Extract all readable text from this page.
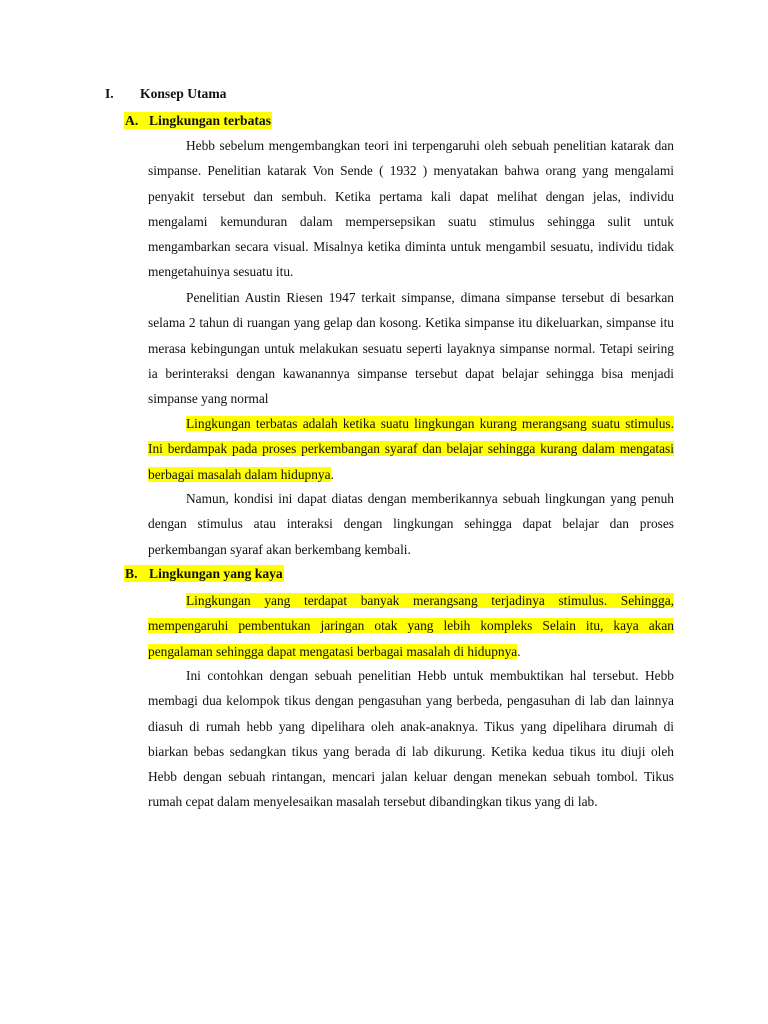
I. Konsep Utama
A. Lingkungan terbatas

Hebb sebelum mengembangkan teori ini terpengaruhi oleh sebuah penelitian katarak dan simpanse. Penelitian katarak Von Sende ( 1932 ) menyatakan bahwa orang yang mengalami penyakit tersebut dan sembuh. Ketika pertama kali dapat melihat dengan jelas, individu mengalami kemunduran dalam mempersepsikan suatu stimulus sehingga sulit untuk mengambarkan secara visual. Misalnya ketika diminta untuk mengambil sesuatu, individu tidak mengetahuinya sesuatu itu.

Penelitian Austin Riesen 1947 terkait simpanse, dimana simpanse tersebut di besarkan selama 2 tahun di ruangan yang gelap dan kosong. Ketika simpanse itu dikeluarkan, simpanse itu merasa kebingungan untuk melakukan sesuatu seperti layaknya simpanse normal. Tetapi seiring ia berinteraksi dengan kawanannya simpanse tersebut dapat belajar sehingga bisa menjadi simpanse yang normal

Lingkungan terbatas adalah ketika suatu lingkungan kurang merangsang suatu stimulus. Ini berdampak pada proses perkembangan syaraf dan belajar sehingga kurang dalam mengatasi berbagai masalah dalam hidupnya.

Namun, kondisi ini dapat diatas dengan memberikannya sebuah lingkungan yang penuh dengan stimulus atau interaksi dengan lingkungan sehingga dapat belajar dan proses perkembangan syaraf akan berkembang kembali.

B. Lingkungan yang kaya

Lingkungan yang terdapat banyak merangsang terjadinya stimulus. Sehingga, mempengaruhi pembentukan jaringan otak yang lebih kompleks Selain itu, kaya akan pengalaman sehingga dapat mengatasi berbagai masalah di hidupnya.

Ini contohkan dengan sebuah penelitian Hebb untuk membuktikan hal tersebut. Hebb membagi dua kelompok tikus dengan pengasuhan yang berbeda, pengasuhan di lab dan lainnya diasuh di rumah hebb yang dipelihara oleh anak-anaknya. Tikus yang dipelihara dirumah di biarkan bebas sedangkan tikus yang berada di lab dikurung. Ketika kedua tikus itu diuji oleh Hebb dengan sebuah rintangan, mencari jalan keluar dengan menekan sebuah tombol. Tikus rumah cepat dalam menyelesaikan masalah tersebut dibandingkan tikus yang di lab.
